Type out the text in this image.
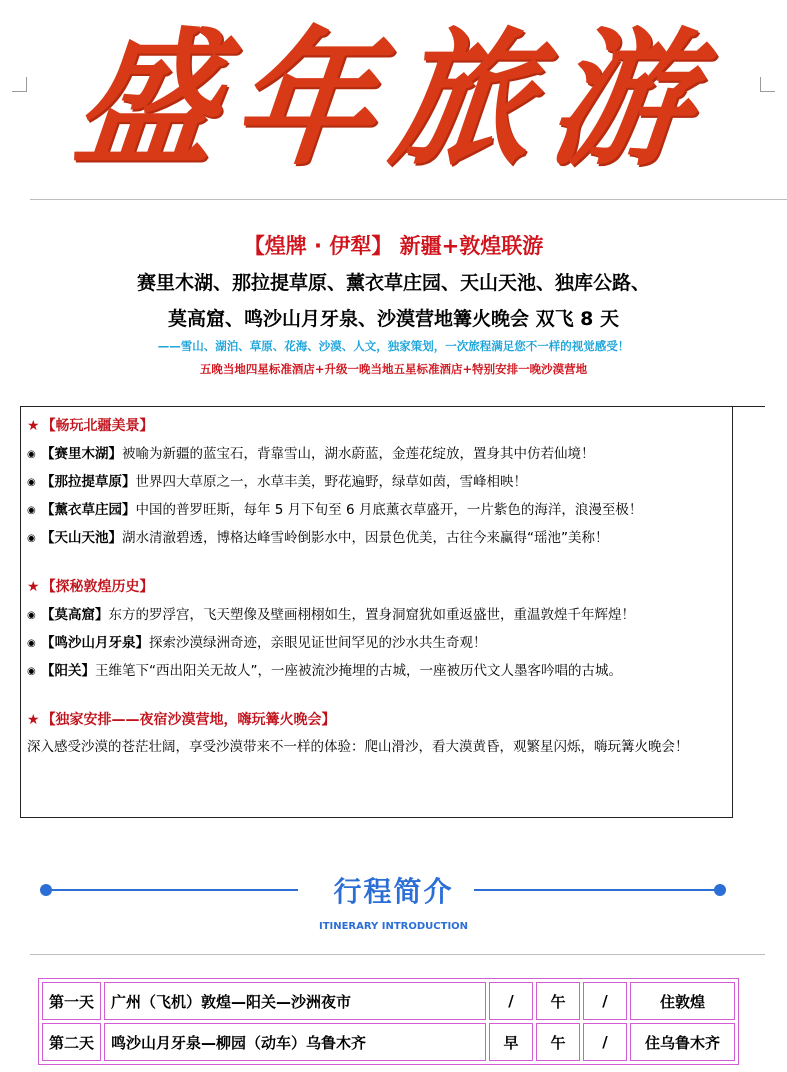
盛年旅游
【煌牌 · 伊犁】 新疆+敦煌联游
赛里木湖、那拉提草原、薰衣草庄园、天山天池、独库公路、
莫高窟、鸣沙山月牙泉、沙漠营地篝火晚会 双飞 8 天
——雪山、湖泊、草原、花海、沙漠、人文，独家策划，一次旅程满足您不一样的视觉感受！
五晚当地四星标准酒店+升级一晚当地五星标准酒店+特别安排一晚沙漠营地
★ 【畅玩北疆美景】
◉ 【赛里木湖】被喻为新疆的蓝宝石，背靠雪山，湖水蔚蓝，金莲花绽放，置身其中仿若仙境！
◉ 【那拉提草原】世界四大草原之一，水草丰美，野花遍野，绿草如茵，雪峰相映！
◉ 【薰衣草庄园】中国的普罗旺斯，每年 5 月下旬至 6 月底薰衣草盛开，一片紫色的海洋，浪漫至极！
◉ 【天山天池】湖水清澈碧透，博格达峰雪岭倒影水中，因景色优美，古往今来赢得“瑶池”美称！
★ 【探秘敦煌历史】
◉ 【莫高窟】东方的罗浮宫，飞天塑像及壁画栩栩如生，置身洞窟犹如重返盛世，重温敦煌千年辉煌！
◉ 【鸣沙山月牙泉】探索沙漠绿洲奇迹，亲眼见证世间罕见的沙水共生奇观！
◉ 【阳关】王维笔下“西出阳关无故人”，一座被流沙掩埋的古城，一座被历代文人墨客吟唱的古城。
★ 【独家安排——夜宿沙漠营地，嗨玩篝火晚会】
深入感受沙漠的苍茫壮阔，享受沙漠带来不一样的体验：爬山滑沙，看大漠黄昏，观繁星闪烁，嗨玩篝火晚会！
行程简介
ITINERARY INTRODUCTION
第一天	广州（飞机）敦煌—阳关—沙洲夜市	/	午	/	住敦煌
第二天	鸣沙山月牙泉—柳园（动车）乌鲁木齐	早	午	/	住乌鲁木齐
